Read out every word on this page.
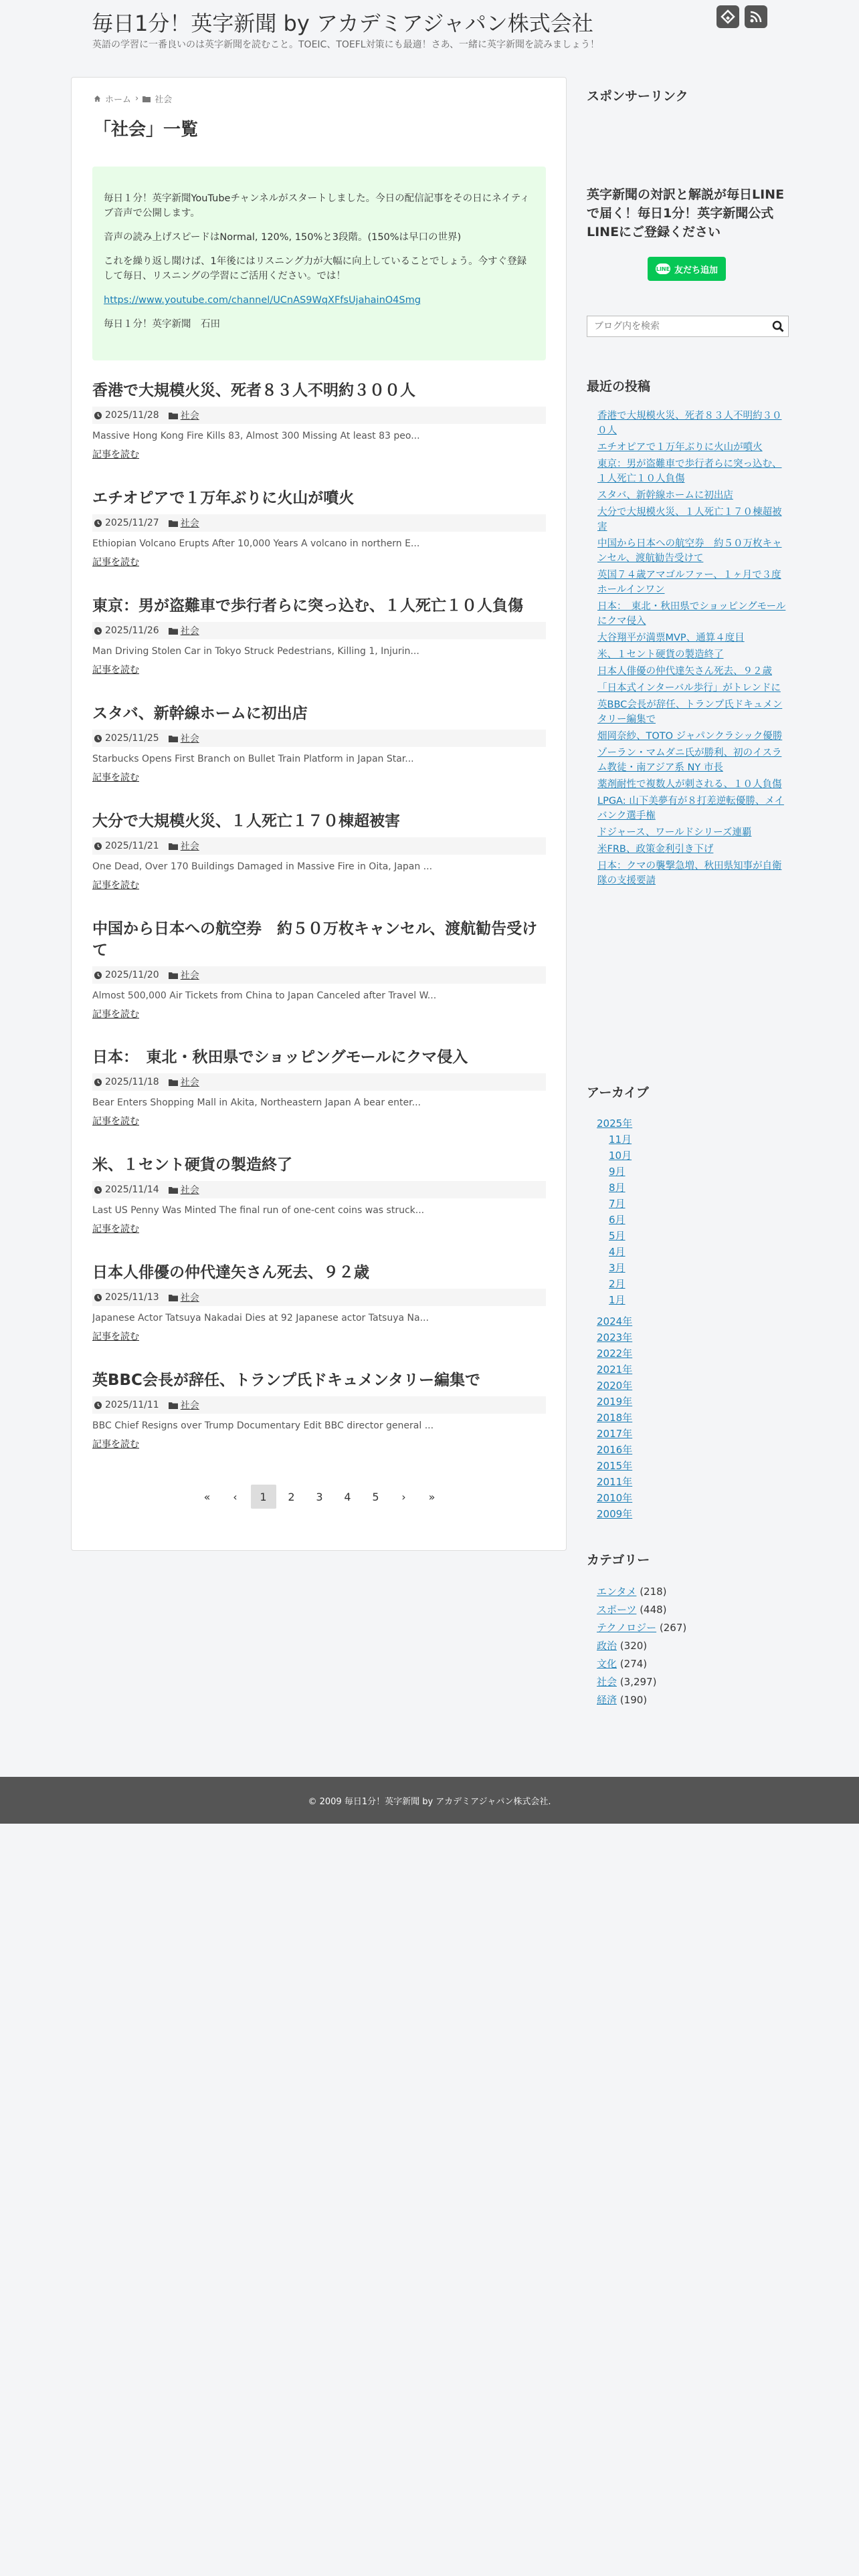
毎日1分！英字新聞 by アカデミアジャパン株式会社
英語の学習に一番良いのは英字新聞を読むこと。TOEIC、TOEFL対策にも最適！さあ、一緒に英字新聞を読みましょう！
ホーム › 社会
「社会」一覧

毎日１分！英字新聞YouTubeチャンネルがスタートしました。今日の配信記事をその日にネイティブ音声で公開します。

音声の読み上げスピードはNormal, 120%, 150%と3段階。(150%は早口の世界)

これを繰り返し聞けば、1年後にはリスニング力が大幅に向上していることでしょう。今すぐ登録して毎日、リスニングの学習にご活用ください。では！

https://www.youtube.com/channel/UCnAS9WqXFfsUjahainO4Smg

毎日１分！英字新聞　石田

香港で大規模火災、死者８３人不明約３００人
2025/11/28 社会
Massive Hong Kong Fire Kills 83, Almost 300 Missing At least 83 peo...
記事を読む
エチオピアで１万年ぶりに火山が噴火
2025/11/27 社会
Ethiopian Volcano Erupts After 10,000 Years A volcano in northern E...
記事を読む
東京：男が盗難車で歩行者らに突っ込む、１人死亡１０人負傷
2025/11/26 社会
Man Driving Stolen Car in Tokyo Struck Pedestrians, Killing 1, Injurin...
記事を読む
スタバ、新幹線ホームに初出店
2025/11/25 社会
Starbucks Opens First Branch on Bullet Train Platform in Japan Star...
記事を読む
大分で大規模火災、１人死亡１７０棟超被害
2025/11/21 社会
One Dead, Over 170 Buildings Damaged in Massive Fire in Oita, Japan ...
記事を読む
中国から日本への航空券　約５０万枚キャンセル、渡航勧告受けて
2025/11/20 社会
Almost 500,000 Air Tickets from China to Japan Canceled after Travel W...
記事を読む
日本：　東北・秋田県でショッピングモールにクマ侵入
2025/11/18 社会
Bear Enters Shopping Mall in Akita, Northeastern Japan A bear enter...
記事を読む
米、１セント硬貨の製造終了
2025/11/14 社会
Last US Penny Was Minted The final run of one-cent coins was struck...
記事を読む
日本人俳優の仲代達矢さん死去、９２歳
2025/11/13 社会
Japanese Actor Tatsuya Nakadai Dies at 92 Japanese actor Tatsuya Na...
記事を読む
英BBC会長が辞任、トランプ氏ドキュメンタリー編集で
2025/11/11 社会
BBC Chief Resigns over Trump Documentary Edit BBC director general ...
記事を読む
«	‹	1	2	3	4	5	›	»
スポンサーリンク
英字新聞の対訳と解説が毎日LINEで届く！毎日1分！英字新聞公式LINEにご登録ください
LINE 友だち追加
ブログ内を検索
最近の投稿
香港で大規模火災、死者８３人不明約３００人
エチオピアで１万年ぶりに火山が噴火
東京：男が盗難車で歩行者らに突っ込む、１人死亡１０人負傷
スタバ、新幹線ホームに初出店
大分で大規模火災、１人死亡１７０棟超被害
中国から日本への航空券　約５０万枚キャンセル、渡航勧告受けて
英国７４歳アマゴルファー、１ヶ月で３度ホールインワン
日本：　東北・秋田県でショッピングモールにクマ侵入
大谷翔平が満票MVP、通算４度目
米、１セント硬貨の製造終了
日本人俳優の仲代達矢さん死去、９２歳
「日本式インターバル歩行」がトレンドに
英BBC会長が辞任、トランプ氏ドキュメンタリー編集で
畑岡奈紗、TOTO ジャパンクラシック優勝
ゾーラン・マムダニ氏が勝利、初のイスラム教徒・南アジア系 NY 市長
薬剤耐性で複数人が刺される、１０人負傷
LPGA: 山下美夢有が８打差逆転優勝、メイバンク選手権
ドジャース、ワールドシリーズ連覇
米FRB、政策金利引き下げ
日本：クマの襲撃急増、秋田県知事が自衛隊の支援要請
アーカイブ
2025年
11月
10月
9月
8月
7月
6月
5月
4月
3月
2月
1月
2024年
2023年
2022年
2021年
2020年
2019年
2018年
2017年
2016年
2015年
2011年
2010年
2009年
カテゴリー
エンタメ (218)
スポーツ (448)
テクノロジー (267)
政治 (320)
文化 (274)
社会 (3,297)
経済 (190)
© 2009 毎日1分！英字新聞 by アカデミアジャパン株式会社.
